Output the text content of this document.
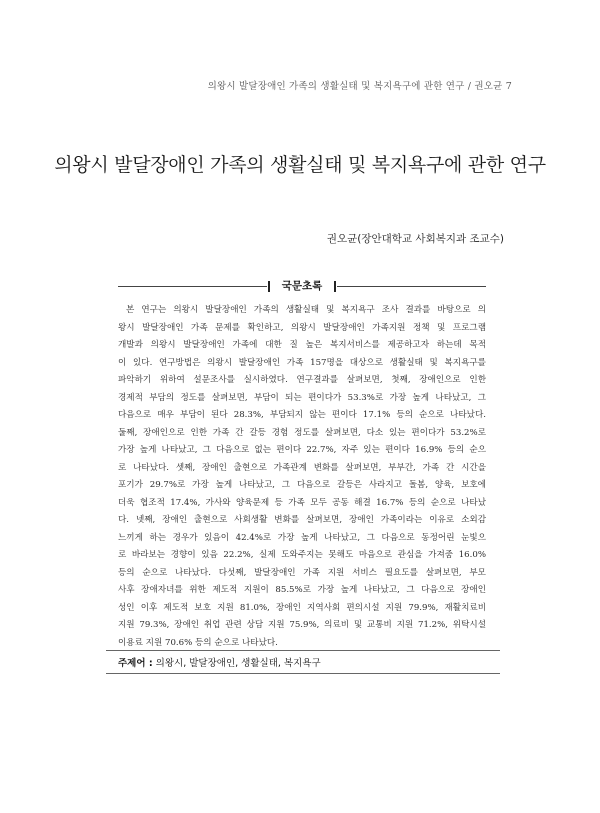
의왕시 발달장애인 가족의 생활실태 및 복지욕구에 관한 연구 / 권오균 7
의왕시 발달장애인 가족의 생활실태 및 복지욕구에 관한 연구
권오균(장안대학교 사회복지과 조교수)
국문초록
본 연구는 의왕시 발달장애인 가족의 생활실태 및 복지욕구 조사 결과를 바탕으로 의
왕시 발달장애인 가족 문제를 확인하고, 의왕시 발달장애인 가족지원 정책 및 프로그램
개발과 의왕시 발달장애인 가족에 대한 질 높은 복지서비스를 제공하고자 하는데 목적
이 있다. 연구방법은 의왕시 발달장애인 가족 157명을 대상으로 생활실태 및 복지욕구를
파악하기 위하여 설문조사를 실시하였다. 연구결과를 살펴보면, 첫째, 장애인으로 인한
경제적 부담의 정도를 살펴보면, 부담이 되는 편이다가 53.3%로 가장 높게 나타났고, 그
다음으로 매우 부담이 된다 28.3%, 부담되지 않는 편이다 17.1% 등의 순으로 나타났다.
둘째, 장애인으로 인한 가족 간 갈등 경험 정도를 살펴보면, 다소 있는 편이다가 53.2%로
가장 높게 나타났고, 그 다음으로 없는 편이다 22.7%, 자주 있는 편이다 16.9% 등의 순으
로 나타났다. 셋째, 장애인 출현으로 가족관계 변화를 살펴보면, 부부간, 가족 간 시간을
포기가 29.7%로 가장 높게 나타났고, 그 다음으로 갈등은 사라지고 돌봄, 양육, 보호에
더욱 협조적 17.4%, 가사와 양육문제 등 가족 모두 공동 해결 16.7% 등의 순으로 나타났
다. 넷째, 장애인 출현으로 사회생활 변화를 살펴보면, 장애인 가족이라는 이유로 소외감
느끼게 하는 경우가 있음이 42.4%로 가장 높게 나타났고, 그 다음으로 동정어린 눈빛으
로 바라보는 경향이 있음 22.2%, 실제 도와주지는 못해도 마음으로 관심을 가져줌 16.0%
등의 순으로 나타났다. 다섯째, 발달장애인 가족 지원 서비스 필요도를 살펴보면, 부모
사후 장애자녀를 위한 제도적 지원이 85.5%로 가장 높게 나타났고, 그 다음으로 장애인
성인 이후 제도적 보호 지원 81.0%, 장애인 지역사회 편의시설 지원 79.9%, 재활치료비
지원 79.3%, 장애인 취업 관련 상담 지원 75.9%, 의료비 및 교통비 지원 71.2%, 위탁시설
이용료 지원 70.6% 등의 순으로 나타났다.
주제어 : 의왕시, 발달장애인, 생활실태, 복지욕구
